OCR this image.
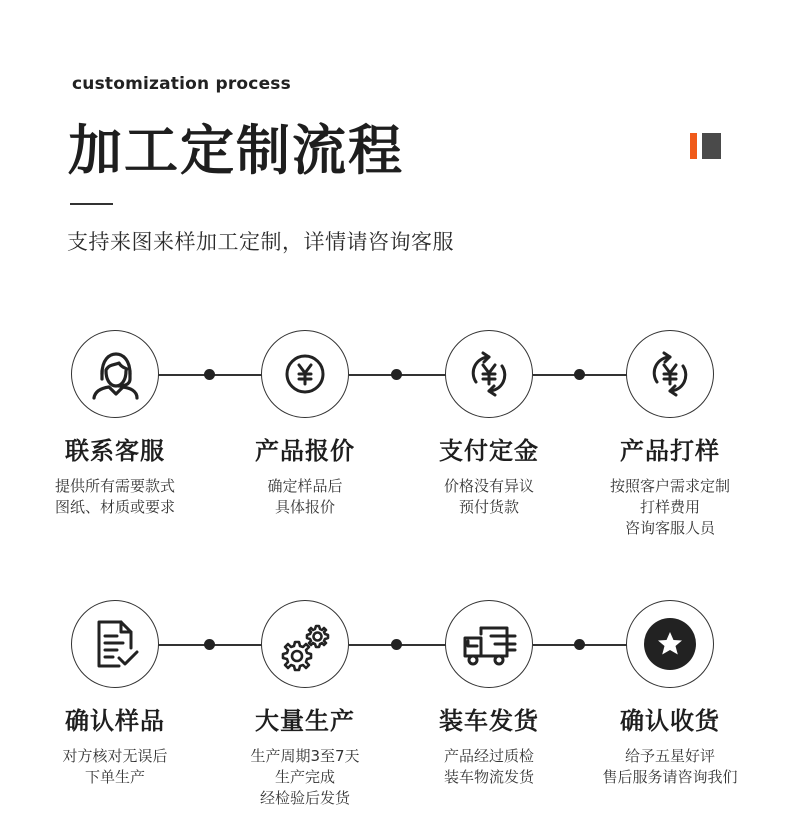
customization process
加工定制流程
支持来图来样加工定制，详情请咨询客服
联系客服
提供所有需要款式
图纸、材质或要求
产品报价
确定样品后
具体报价
支付定金
价格没有异议
预付货款
产品打样
按照客户需求定制
打样费用
咨询客服人员
确认样品
对方核对无误后
下单生产
大量生产
生产周期3至7天
生产完成
经检验后发货
装车发货
产品经过质检
装车物流发货
确认收货
给予五星好评
售后服务请咨询我们
